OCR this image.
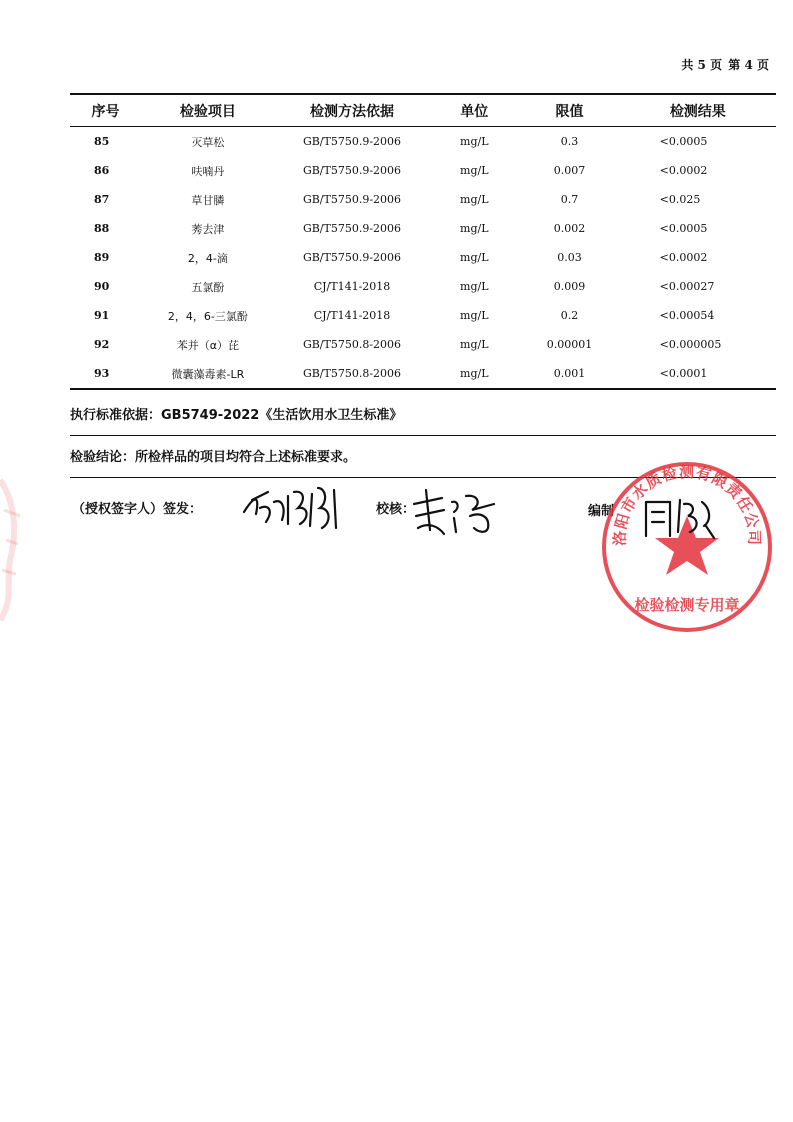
共 5 页 第 4 页
序号	检验项目	检测方法依据	单位	限值	检测结果
85	灭草松	GB/T5750.9-2006	mg/L	0.3	<0.0005
86	呋喃丹	GB/T5750.9-2006	mg/L	0.007	<0.0002
87	草甘膦	GB/T5750.9-2006	mg/L	0.7	<0.025
88	莠去津	GB/T5750.9-2006	mg/L	0.002	<0.0005
89	2，4-滴	GB/T5750.9-2006	mg/L	0.03	<0.0002
90	五氯酚	CJ/T141-2018	mg/L	0.009	<0.00027
91	2，4，6-三氯酚	CJ/T141-2018	mg/L	0.2	<0.00054
92	苯并（α）芘	GB/T5750.8-2006	mg/L	0.00001	<0.000005
93	微囊藻毒素-LR	GB/T5750.8-2006	mg/L	0.001	<0.0001
执行标准依据：GB5749-2022《生活饮用水卫生标准》
检验结论：所检样品的项目均符合上述标准要求。
（授权签字人）签发：	校核：	编制
洛阳市水质检测有限责任公司
检验检测专用章
